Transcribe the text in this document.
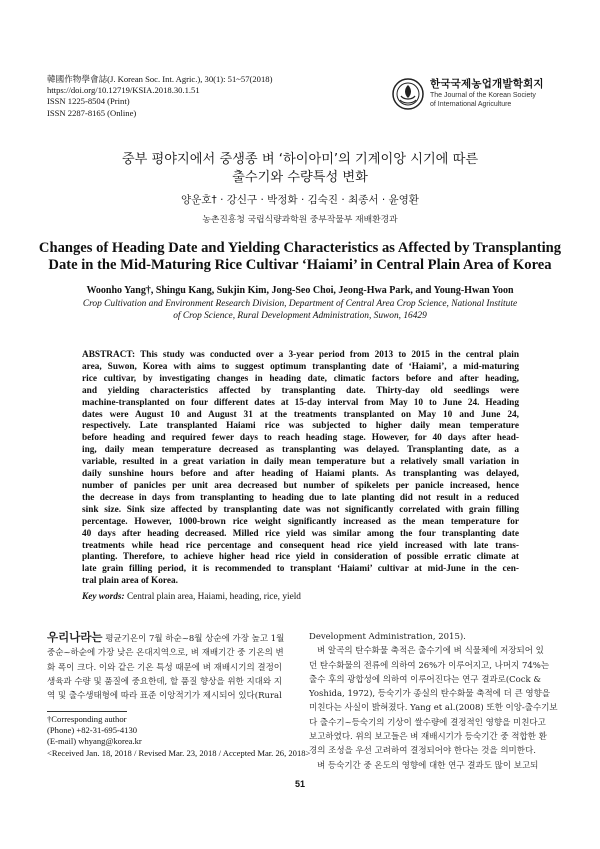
韓國作物學會誌(J. Korean Soc. Int. Agric.), 30(1): 51~57(2018)
https://doi.org/10.12719/KSIA.2018.30.1.51
ISSN 1225-8504 (Print)
ISSN 2287-8165 (Online)
한국국제농업개발학회지
The Journal of the Korean Society
of International Agriculture
중부 평야지에서 중생종 벼 ‘하이아미’의 기계이앙 시기에 따른
출수기와 수량특성 변화
양운호† · 강신구 · 박정화 · 김숙진 · 최종서 · 윤영환
농촌진흥청 국립식량과학원 중부작물부 재배환경과
Changes of Heading Date and Yielding Characteristics as Affected by Transplanting
Date in the Mid-Maturing Rice Cultivar ‘Haiami’ in Central Plain Area of Korea
Woonho Yang†, Shingu Kang, Sukjin Kim, Jong-Seo Choi, Jeong-Hwa Park, and Young-Hwan Yoon
Crop Cultivation and Environment Research Division, Department of Central Area Crop Science, National Institute
of Crop Science, Rural Development Administration, Suwon, 16429
ABSTRACT: This study was conducted over a 3-year period from 2013 to 2015 in the central plain
area, Suwon, Korea with aims to suggest optimum transplanting date of ‘Haiami’, a mid-maturing
rice cultivar, by investigating changes in heading date, climatic factors before and after heading,
and yielding characteristics affected by transplanting date. Thirty-day old seedlings were
machine-transplanted on four different dates at 15-day interval from May 10 to June 24. Heading
dates were August 10 and August 31 at the treatments transplanted on May 10 and June 24,
respectively. Late transplanted Haiami rice was subjected to higher daily mean temperature
before heading and required fewer days to reach heading stage. However, for 40 days after head-
ing, daily mean temperature decreased as transplanting was delayed. Transplanting date, as a
variable, resulted in a great variation in daily mean temperature but a relatively small variation in
daily sunshine hours before and after heading of Haiami plants. As transplanting was delayed,
number of panicles per unit area decreased but number of spikelets per panicle increased, hence
the decrease in days from transplanting to heading due to late planting did not result in a reduced
sink size. Sink size affected by transplanting date was not significantly correlated with grain filling
percentage. However, 1000-brown rice weight significantly increased as the mean temperature for
40 days after heading decreased. Milled rice yield was similar among the four transplanting date
treatments while head rice percentage and consequent head rice yield increased with late trans-
planting. Therefore, to achieve higher head rice yield in consideration of possible erratic climate at
late grain filling period, it is recommended to transplant ‘Haiami’ cultivar at mid-June in the cen-
tral plain area of Korea.
Key words: Central plain area, Haiami, heading, rice, yield
우리나라는 평균기온이 7월 하순~8월 상순에 가장 높고 1월
중순~하순에 가장 낮은 온대지역으로, 벼 재배기간 중 기온의 변
화 폭이 크다. 이와 같은 기온 특성 때문에 벼 재배시기의 결정이
생육과 수량 및 품질에 중요한데, 할 품질 향상을 위한 지대와 지
역 및 출수생태형에 따라 표준 이앙적기가 제시되어 있다(Rural
†Corresponding author
(Phone) +82-31-695-4130
(E-mail) whyang@korea.kr
<Received Jan. 18, 2018 / Revised Mar. 23, 2018 / Accepted Mar. 26, 2018>
Development Administration, 2015).
벼 알곡의 탄수화물 축적은 출수기에 벼 식물체에 저장되어 있
던 탄수화물의 전류에 의하여 26%가 이루어지고, 나머지 74%는
출수 후의 광합성에 의하여 이루어진다는 연구 결과로(Cock &
Yoshida, 1972), 등숙기가 종실의 탄수화물 축적에 더 큰 영향을
미친다는 사실이 밝혀졌다. Yang et al.(2008) 또한 이앙-출수기보
다 출수기~등숙기의 기상이 쌀수량에 결정적인 영향을 미친다고
보고하였다. 위의 보고들은 벼 재배시기가 등숙기간 중 적합한 환
경의 조성을 우선 고려하여 결정되어야 한다는 것을 의미한다.
벼 등숙기간 중 온도의 영향에 대한 연구 결과도 많이 보고되
51
